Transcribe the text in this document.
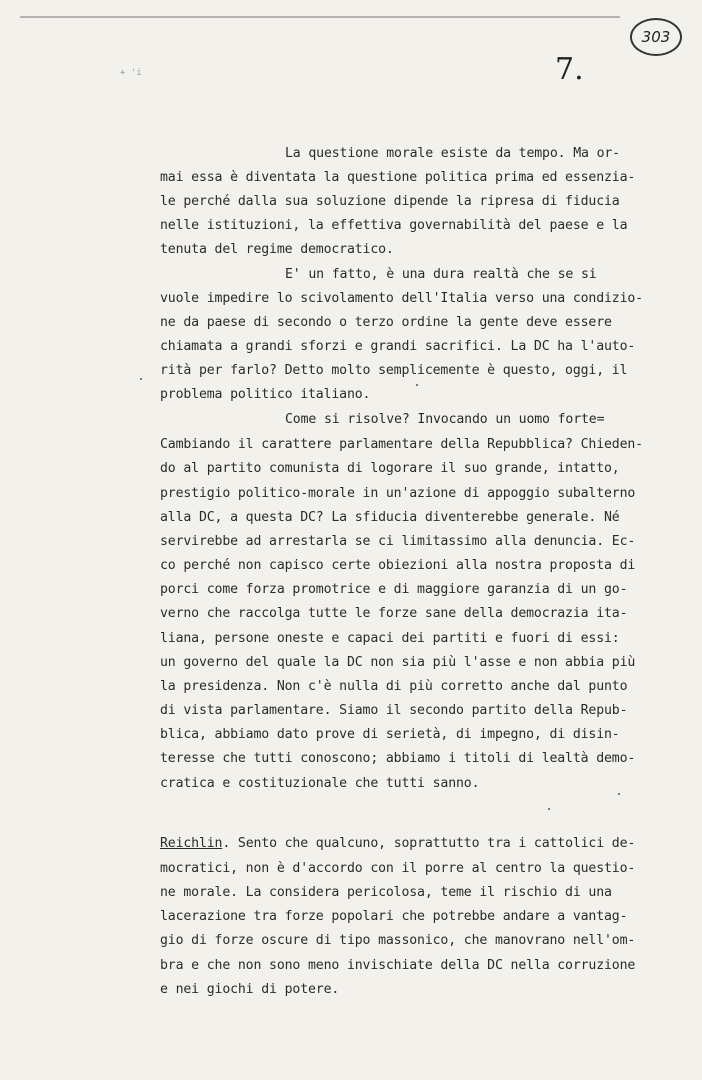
303
7.
+ 'i
La questione morale esiste da tempo. Ma or-
mai essa è diventata la questione politica prima ed essenzia-
le perché dalla sua soluzione dipende la ripresa di fiducia
nelle istituzioni, la effettiva governabilità del paese e la
tenuta del regime democratico.
E' un fatto, è una dura realtà che se si
vuole impedire lo scivolamento dell'Italia verso una condizio-
ne da paese di secondo o terzo ordine la gente deve essere
chiamata a grandi sforzi e grandi sacrifici. La DC ha l'auto-
rità per farlo? Detto molto semplicemente è questo, oggi, il
problema politico italiano.
Come si risolve? Invocando un uomo forte=
Cambiando il carattere parlamentare della Repubblica? Chieden-
do al partito comunista di logorare il suo grande, intatto,
prestigio politico-morale in un'azione di appoggio subalterno
alla DC, a questa DC? La sfiducia diventerebbe generale. Né
servirebbe ad arrestarla se ci limitassimo alla denuncia. Ec-
co perché non capisco certe obiezioni alla nostra proposta di
porci come forza promotrice e di maggiore garanzia di un go-
verno che raccolga tutte le forze sane della democrazia ita-
liana, persone oneste e capaci dei partiti e fuori di essi:
un governo del quale la DC non sia più l'asse e non abbia più
la presidenza. Non c'è nulla di più corretto anche dal punto
di vista parlamentare. Siamo il secondo partito della Repub-
blica, abbiamo dato prove di serietà, di impegno, di disin-
teresse che tutti conoscono; abbiamo i titoli di lealtà demo-
cratica e costituzionale che tutti sanno.
Reichlin. Sento che qualcuno, soprattutto tra i cattolici de-
mocratici, non è d'accordo con il porre al centro la questio-
ne morale. La considera pericolosa, teme il rischio di una
lacerazione tra forze popolari che potrebbe andare a vantag-
gio di forze oscure di tipo massonico, che manovrano nell'om-
bra e che non sono meno invischiate della DC nella corruzione
e nei giochi di potere.
